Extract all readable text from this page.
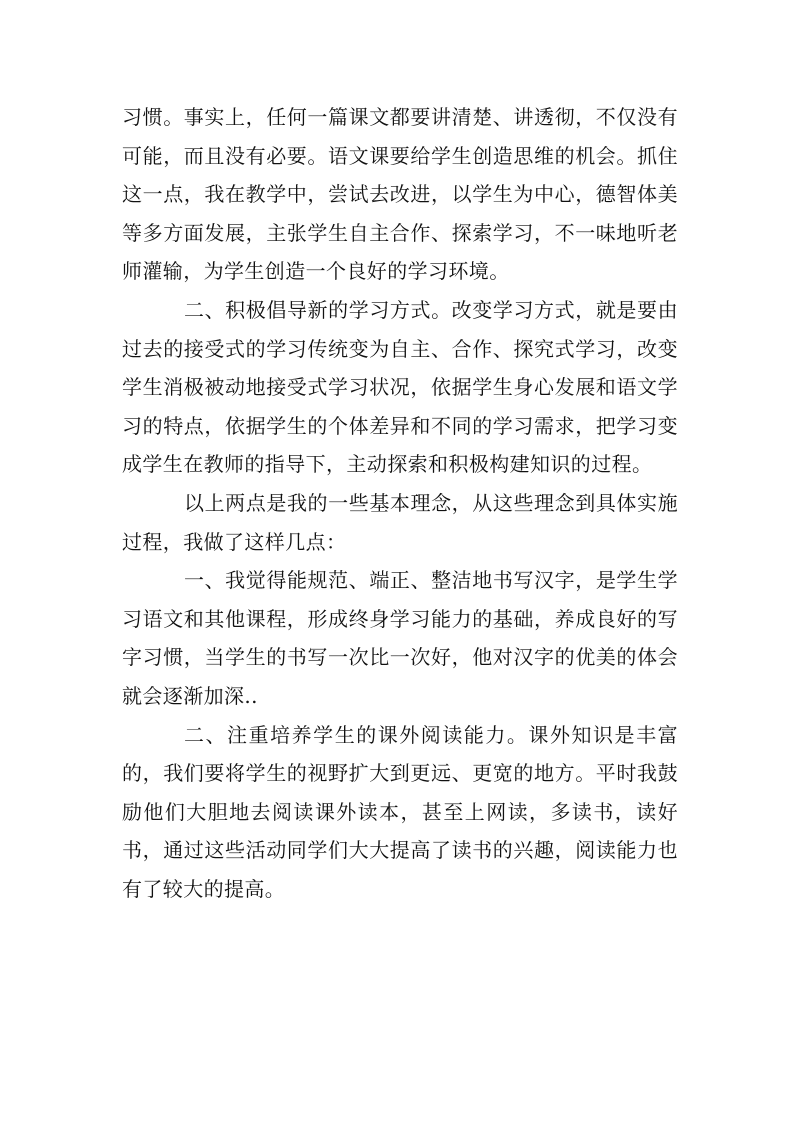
习惯。事实上，任何一篇课文都要讲清楚、讲透彻，不仅没有可能，而且没有必要。语文课要给学生创造思维的机会。抓住这一点，我在教学中，尝试去改进，以学生为中心，德智体美等多方面发展，主张学生自主合作、探索学习，不一味地听老师灌输，为学生创造一个良好的学习环境。

二、积极倡导新的学习方式。改变学习方式，就是要由过去的接受式的学习传统变为自主、合作、探究式学习，改变学生消极被动地接受式学习状况，依据学生身心发展和语文学习的特点，依据学生的个体差异和不同的学习需求，把学习变成学生在教师的指导下，主动探索和积极构建知识的过程。

以上两点是我的一些基本理念，从这些理念到具体实施过程，我做了这样几点：

一、我觉得能规范、端正、整洁地书写汉字，是学生学习语文和其他课程，形成终身学习能力的基础，养成良好的写字习惯，当学生的书写一次比一次好，他对汉字的优美的体会就会逐渐加深..

二、注重培养学生的课外阅读能力。课外知识是丰富的，我们要将学生的视野扩大到更远、更宽的地方。平时我鼓励他们大胆地去阅读课外读本，甚至上网读，多读书，读好书，通过这些活动同学们大大提高了读书的兴趣，阅读能力也有了较大的提高。
